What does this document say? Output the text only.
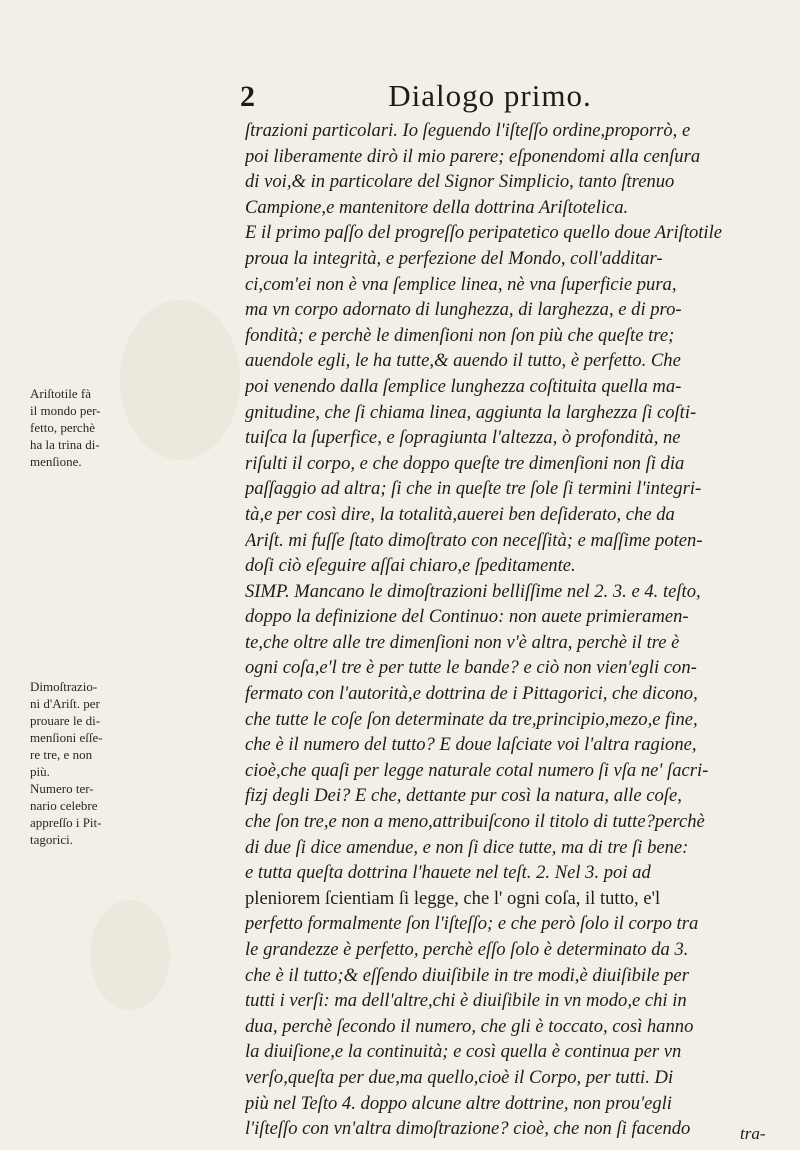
2	Dialogo primo.
Ariſtotile fà
il mondo per-
fetto, perchè
ha la trina di-
menſione.
Dimoſtrazio-
ni d'Ariſt. per
prouare le di-
menſioni eſſe-
re tre, e non
più.
Numero ter-
nario celebre
appreſſo i Pit-
tagorici.
ſtrazioni particolari. Io ſeguendo l'iſteſſo ordine,proporrò, e
poi liberamente dirò il mio parere; eſponendomi alla cenſura
di voi,& in particolare del Signor Simplicio, tanto ſtrenuo
Campione,e mantenitore della dottrina Ariſtotelica.
E il primo paſſo del progreſſo peripatetico quello doue Ariſtotile
proua la integrità, e perfezione del Mondo, coll'additar-
ci,com'ei non è vna ſemplice linea, nè vna ſuperficie pura,
ma vn corpo adornato di lunghezza, di larghezza, e di pro-
fondità; e perchè le dimenſioni non ſon più che queſte tre;
auendole egli, le ha tutte,& auendo il tutto, è perfetto. Che
poi venendo dalla ſemplice lunghezza coſtituita quella ma-
gnitudine, che ſi chiama linea, aggiunta la larghezza ſi coſti-
tuiſca la ſuperfice, e ſopragiunta l'altezza, ò profondità, ne
riſulti il corpo, e che doppo queſte tre dimenſioni non ſi dia
paſſaggio ad altra; ſi che in queſte tre ſole ſi termini l'integri-
tà,e per così dire, la totalità,auerei ben deſiderato, che da
Ariſt. mi fuſſe ſtato dimoſtrato con neceſſità; e maſſime poten-
doſi ciò eſeguire aſſai chiaro,e ſpeditamente.
SIMP. Mancano le dimoſtrazioni belliſſime nel 2. 3. e 4. teſto,
doppo la definizione del Continuo: non auete primieramen-
te,che oltre alle tre dimenſioni non v'è altra, perchè il tre è
ogni coſa,e'l tre è per tutte le bande? e ciò non vien'egli con-
fermato con l'autorità,e dottrina de i Pittagorici, che dicono,
che tutte le coſe ſon determinate da tre,principio,mezo,e fine,
che è il numero del tutto? E doue laſciate voi l'altra ragione,
cioè,che quaſi per legge naturale cotal numero ſi vſa ne' ſacri-
fizj degli Dei? E che, dettante pur così la natura, alle coſe,
che ſon tre,e non a meno,attribuiſcono il titolo di tutte?perchè
di due ſi dice amendue, e non ſi dice tutte, ma di tre ſi bene:
e tutta queſta dottrina l'hauete nel teſt. 2. Nel 3. poi ad
pleniorem ſcientiam ſi legge, che l' ogni coſa, il tutto, e'l
perfetto formalmente ſon l'iſteſſo; e che però ſolo il corpo tra
le grandezze è perfetto, perchè eſſo ſolo è determinato da 3.
che è il tutto;& eſſendo diuiſibile in tre modi,è diuiſibile per
tutti i verſi: ma dell'altre,chi è diuiſibile in vn modo,e chi in
dua, perchè ſecondo il numero, che gli è toccato, così hanno
la diuiſione,e la continuità; e così quella è continua per vn
verſo,queſta per due,ma quello,cioè il Corpo, per tutti. Di
più nel Teſto 4. doppo alcune altre dottrine, non prou'egli
l'iſteſſo con vn'altra dimoſtrazione? cioè, che non ſi facendo	tra-
